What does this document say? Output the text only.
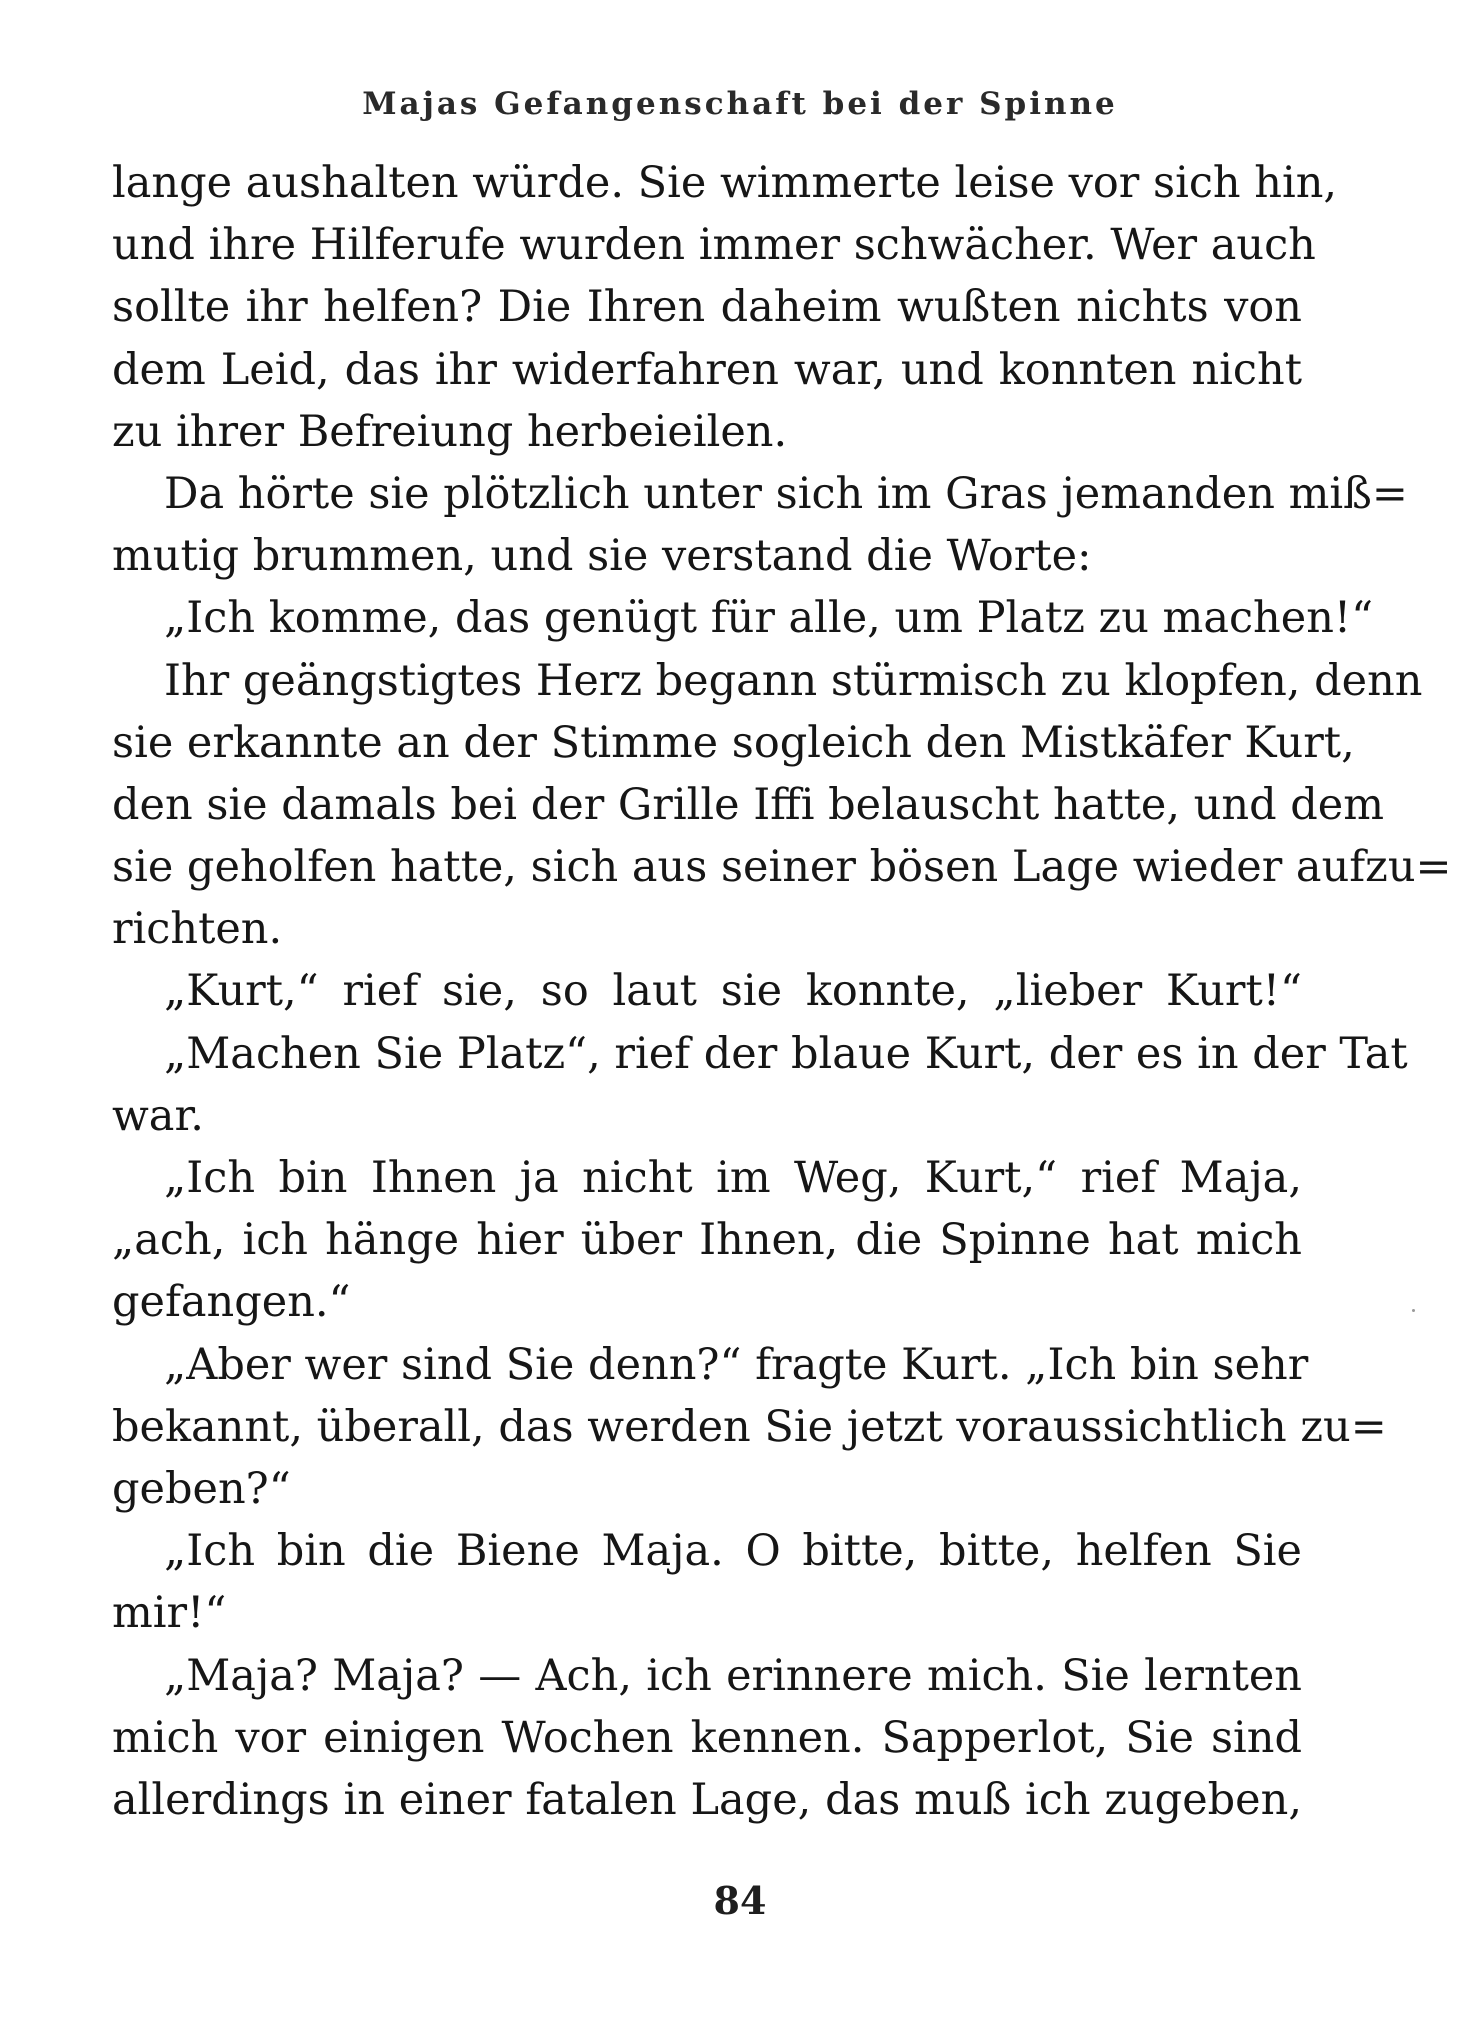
Majas Gefangenschaft bei der Spinne
lange aushalten würde. Sie wimmerte leise vor sich hin,
und ihre Hilferufe wurden immer schwächer. Wer auch
sollte ihr helfen? Die Ihren daheim wußten nichts von
dem Leid, das ihr widerfahren war, und konnten nicht
zu ihrer Befreiung herbeieilen.
Da hörte sie plötzlich unter sich im Gras jemanden miß=
mutig brummen, und sie verstand die Worte:
„Ich komme, das genügt für alle, um Platz zu machen!“
Ihr geängstigtes Herz begann stürmisch zu klopfen, denn
sie erkannte an der Stimme sogleich den Mistkäfer Kurt,
den sie damals bei der Grille Iffi belauscht hatte, und dem
sie geholfen hatte, sich aus seiner bösen Lage wieder aufzu=
richten.
„Kurt,“ rief sie, so laut sie konnte, „lieber Kurt!“
„Machen Sie Platz“, rief der blaue Kurt, der es in der Tat
war.
„Ich bin Ihnen ja nicht im Weg, Kurt,“ rief Maja,
„ach, ich hänge hier über Ihnen, die Spinne hat mich
gefangen.“
„Aber wer sind Sie denn?“ fragte Kurt. „Ich bin sehr
bekannt, überall, das werden Sie jetzt voraussichtlich zu=
geben?“
„Ich bin die Biene Maja. O bitte, bitte, helfen Sie
mir!“
„Maja? Maja? — Ach, ich erinnere mich. Sie lernten
mich vor einigen Wochen kennen. Sapperlot, Sie sind
allerdings in einer fatalen Lage, das muß ich zugeben,
84
